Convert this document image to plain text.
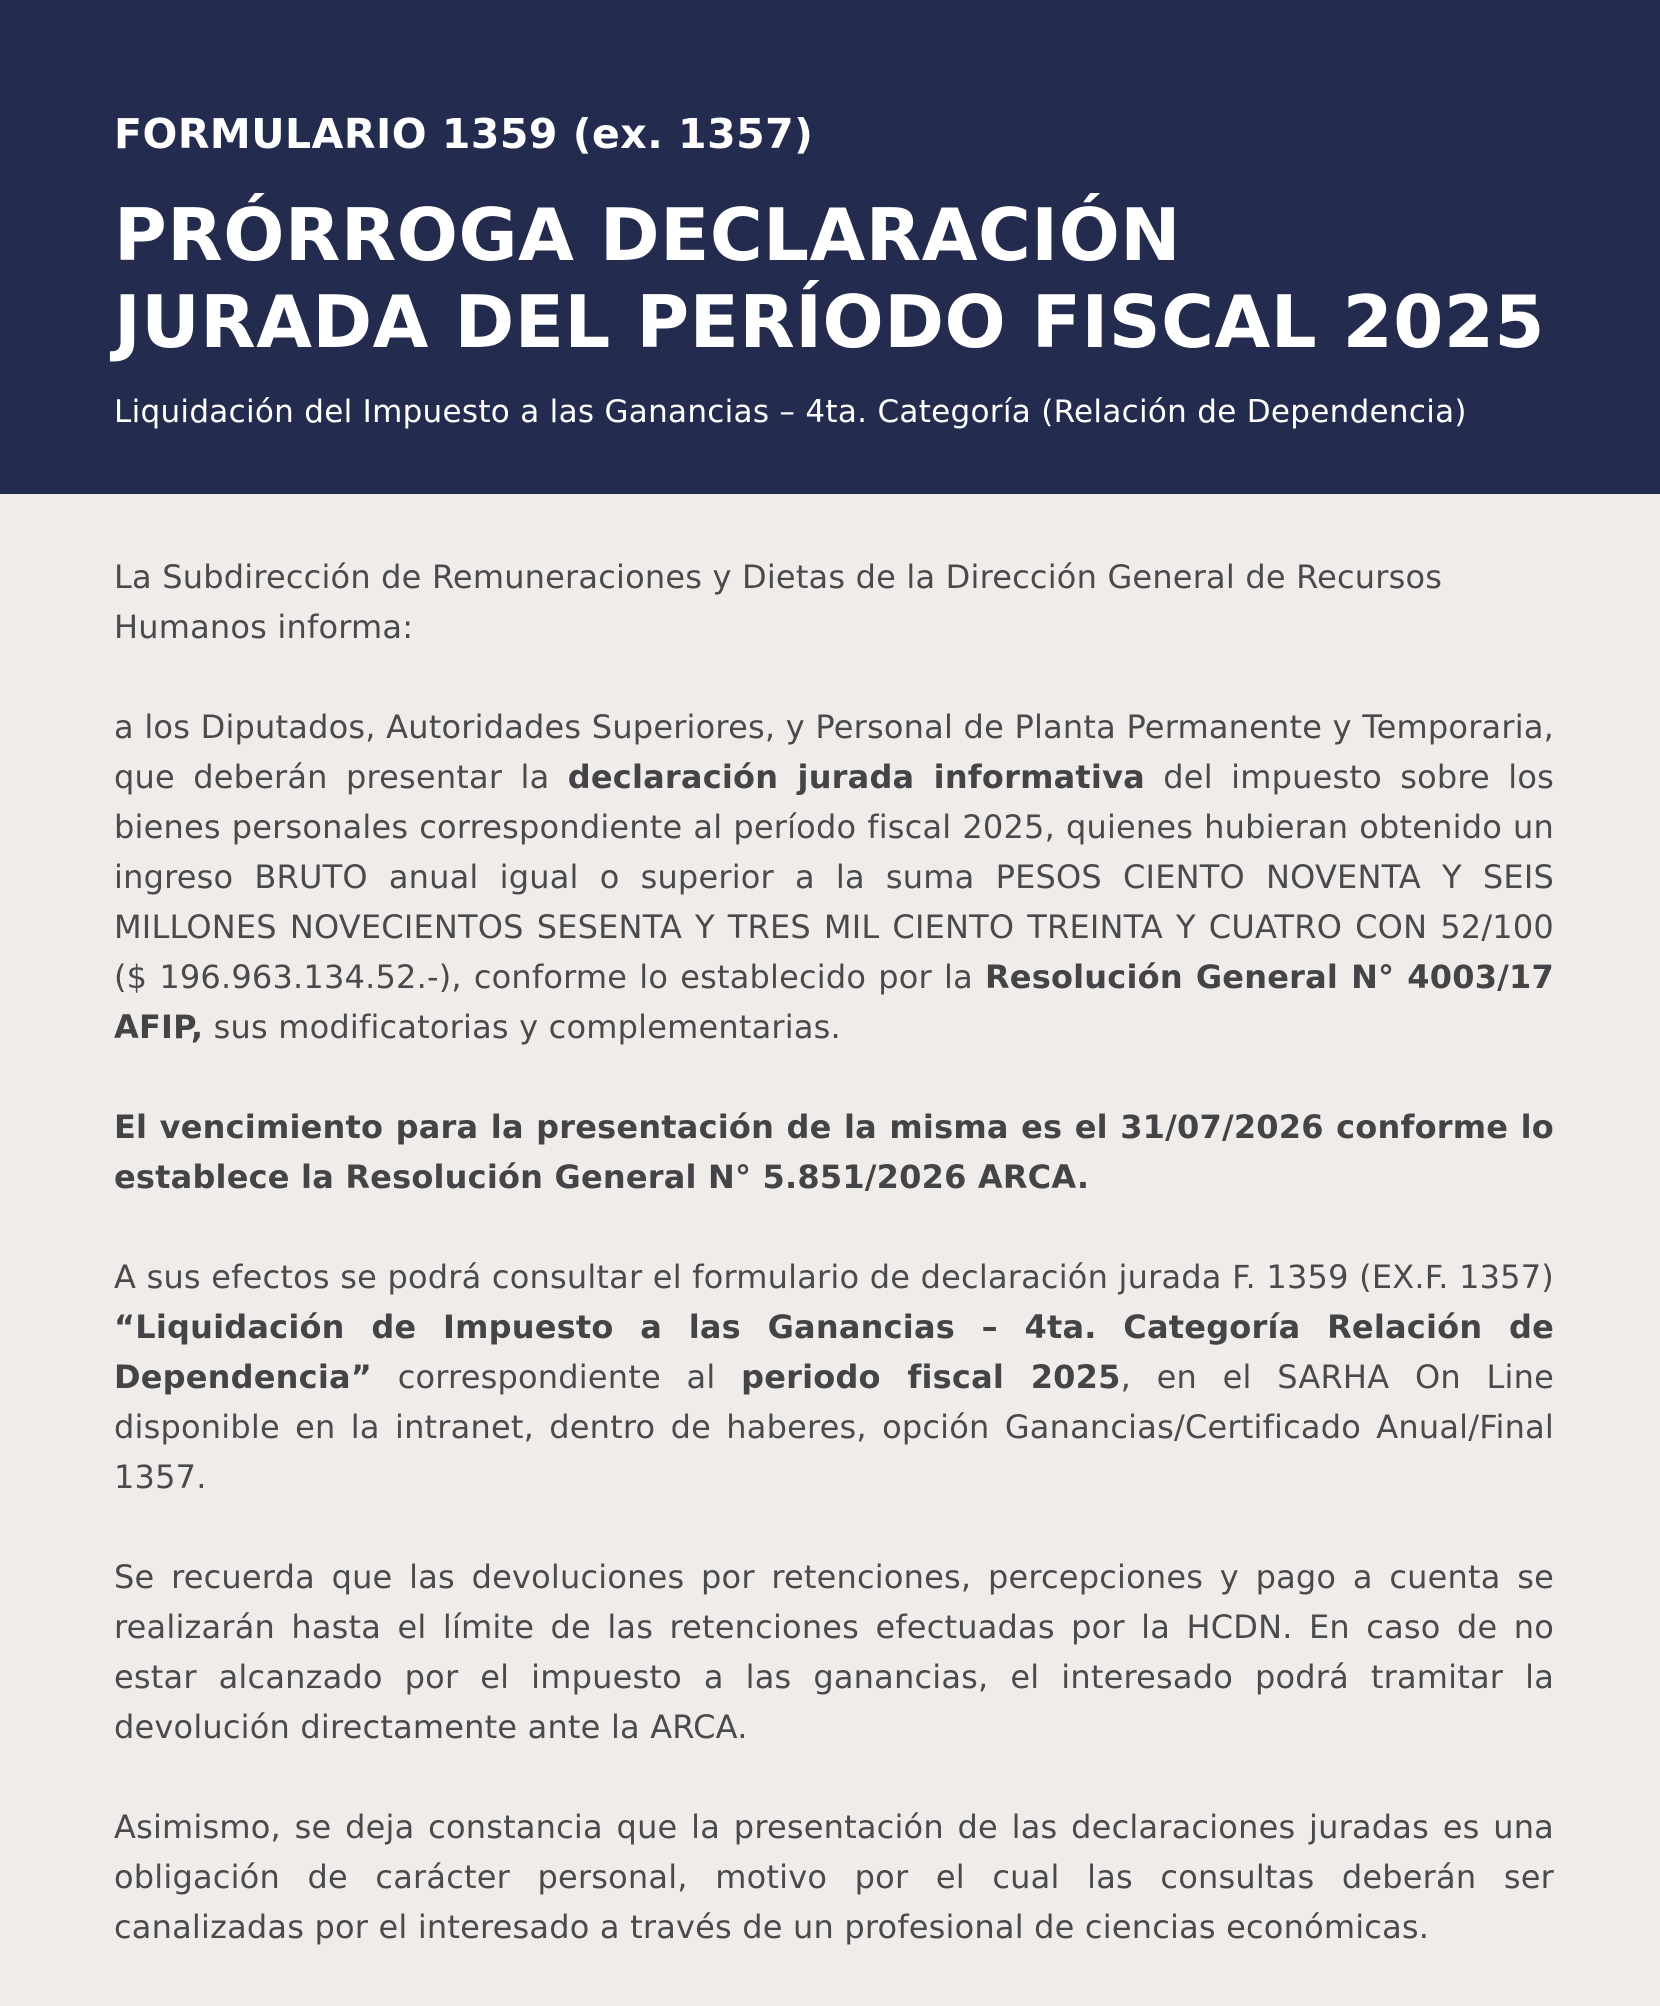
FORMULARIO 1359 (ex. 1357)

PRÓRROGA DECLARACIÓN
JURADA DEL PERÍODO FISCAL 2025

Liquidación del Impuesto a las Ganancias – 4ta. Categoría (Relación de Dependencia)

La Subdirección de Remuneraciones y Dietas de la Dirección General de Recursos Humanos informa:

a los Diputados, Autoridades Superiores, y Personal de Planta Permanente y Temporaria, que deberán presentar la declaración jurada informativa del impuesto sobre los bienes personales correspondiente al período fiscal 2025, quienes hubieran obtenido un ingreso BRUTO anual igual o superior a la suma PESOS CIENTO NOVENTA Y SEIS MILLONES NOVECIENTOS SESENTA Y TRES MIL CIENTO TREINTA Y CUATRO CON 52/100 ($ 196.963.134.52.-), conforme lo establecido por la Resolución General N° 4003/17 AFIP, sus modificatorias y complementarias.

El vencimiento para la presentación de la misma es el 31/07/2026 conforme lo establece la Resolución General N° 5.851/2026 ARCA.

A sus efectos se podrá consultar el formulario de declaración jurada F. 1359 (EX.F. 1357) “Liquidación de Impuesto a las Ganancias – 4ta. Categoría Relación de Dependencia” correspondiente al periodo fiscal 2025, en el SARHA On Line disponible en la intranet, dentro de haberes, opción Ganancias/Certificado Anual/Final 1357.

Se recuerda que las devoluciones por retenciones, percepciones y pago a cuenta se realizarán hasta el límite de las retenciones efectuadas por la HCDN. En caso de no estar alcanzado por el impuesto a las ganancias, el interesado podrá tramitar la devolución directamente ante la ARCA.

Asimismo, se deja constancia que la presentación de las declaraciones juradas es una obligación de carácter personal, motivo por el cual las consultas deberán ser canalizadas por el interesado a través de un profesional de ciencias económicas.
